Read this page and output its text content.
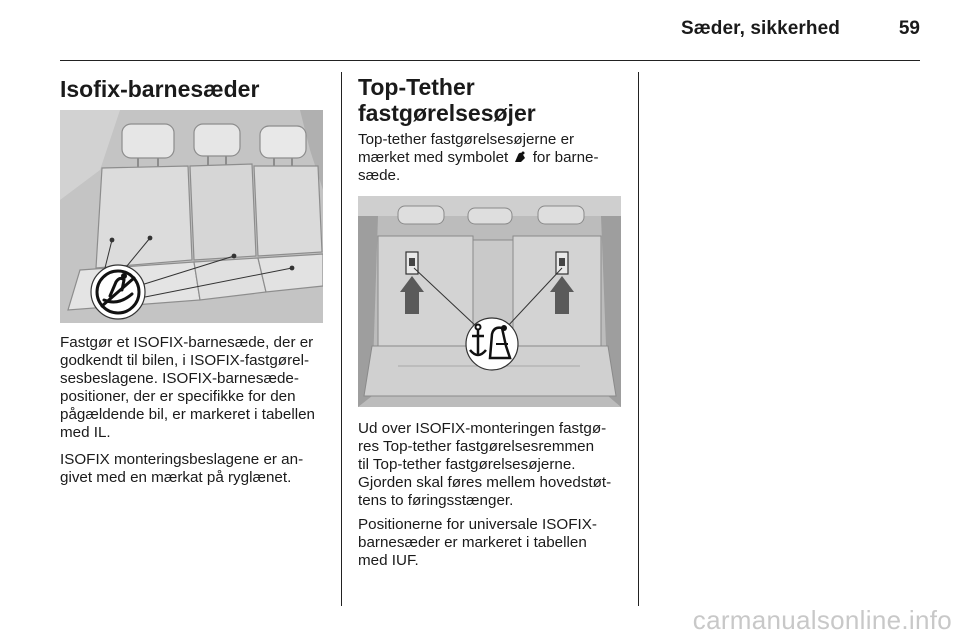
Sæder, sikkerhed	59
Isofix-barnesæder
Fastgør et ISOFIX-barnesæde, der er
godkendt til bilen, i ISOFIX-fastgørel-
sesbeslagene. ISOFIX-barnesæde-
positioner, der er specifikke for den
pågældende bil, er markeret i tabellen
med IL.
ISOFIX monteringsbeslagene er an-
givet med en mærkat på ryglænet.
Top-Tether
fastgørelsesøjer
Top-tether fastgørelsesøjerne er
mærket med symbolet for barne-
sæde.
Ud over ISOFIX-monteringen fastgø-
res Top-tether fastgørelsesremmen
til Top-tether fastgørelsesøjerne.
Gjorden skal føres mellem hovedstøt-
tens to føringsstænger.
Positionerne for universale ISOFIX-
barnesæder er markeret i tabellen
med IUF.
carmanualsonline.info
